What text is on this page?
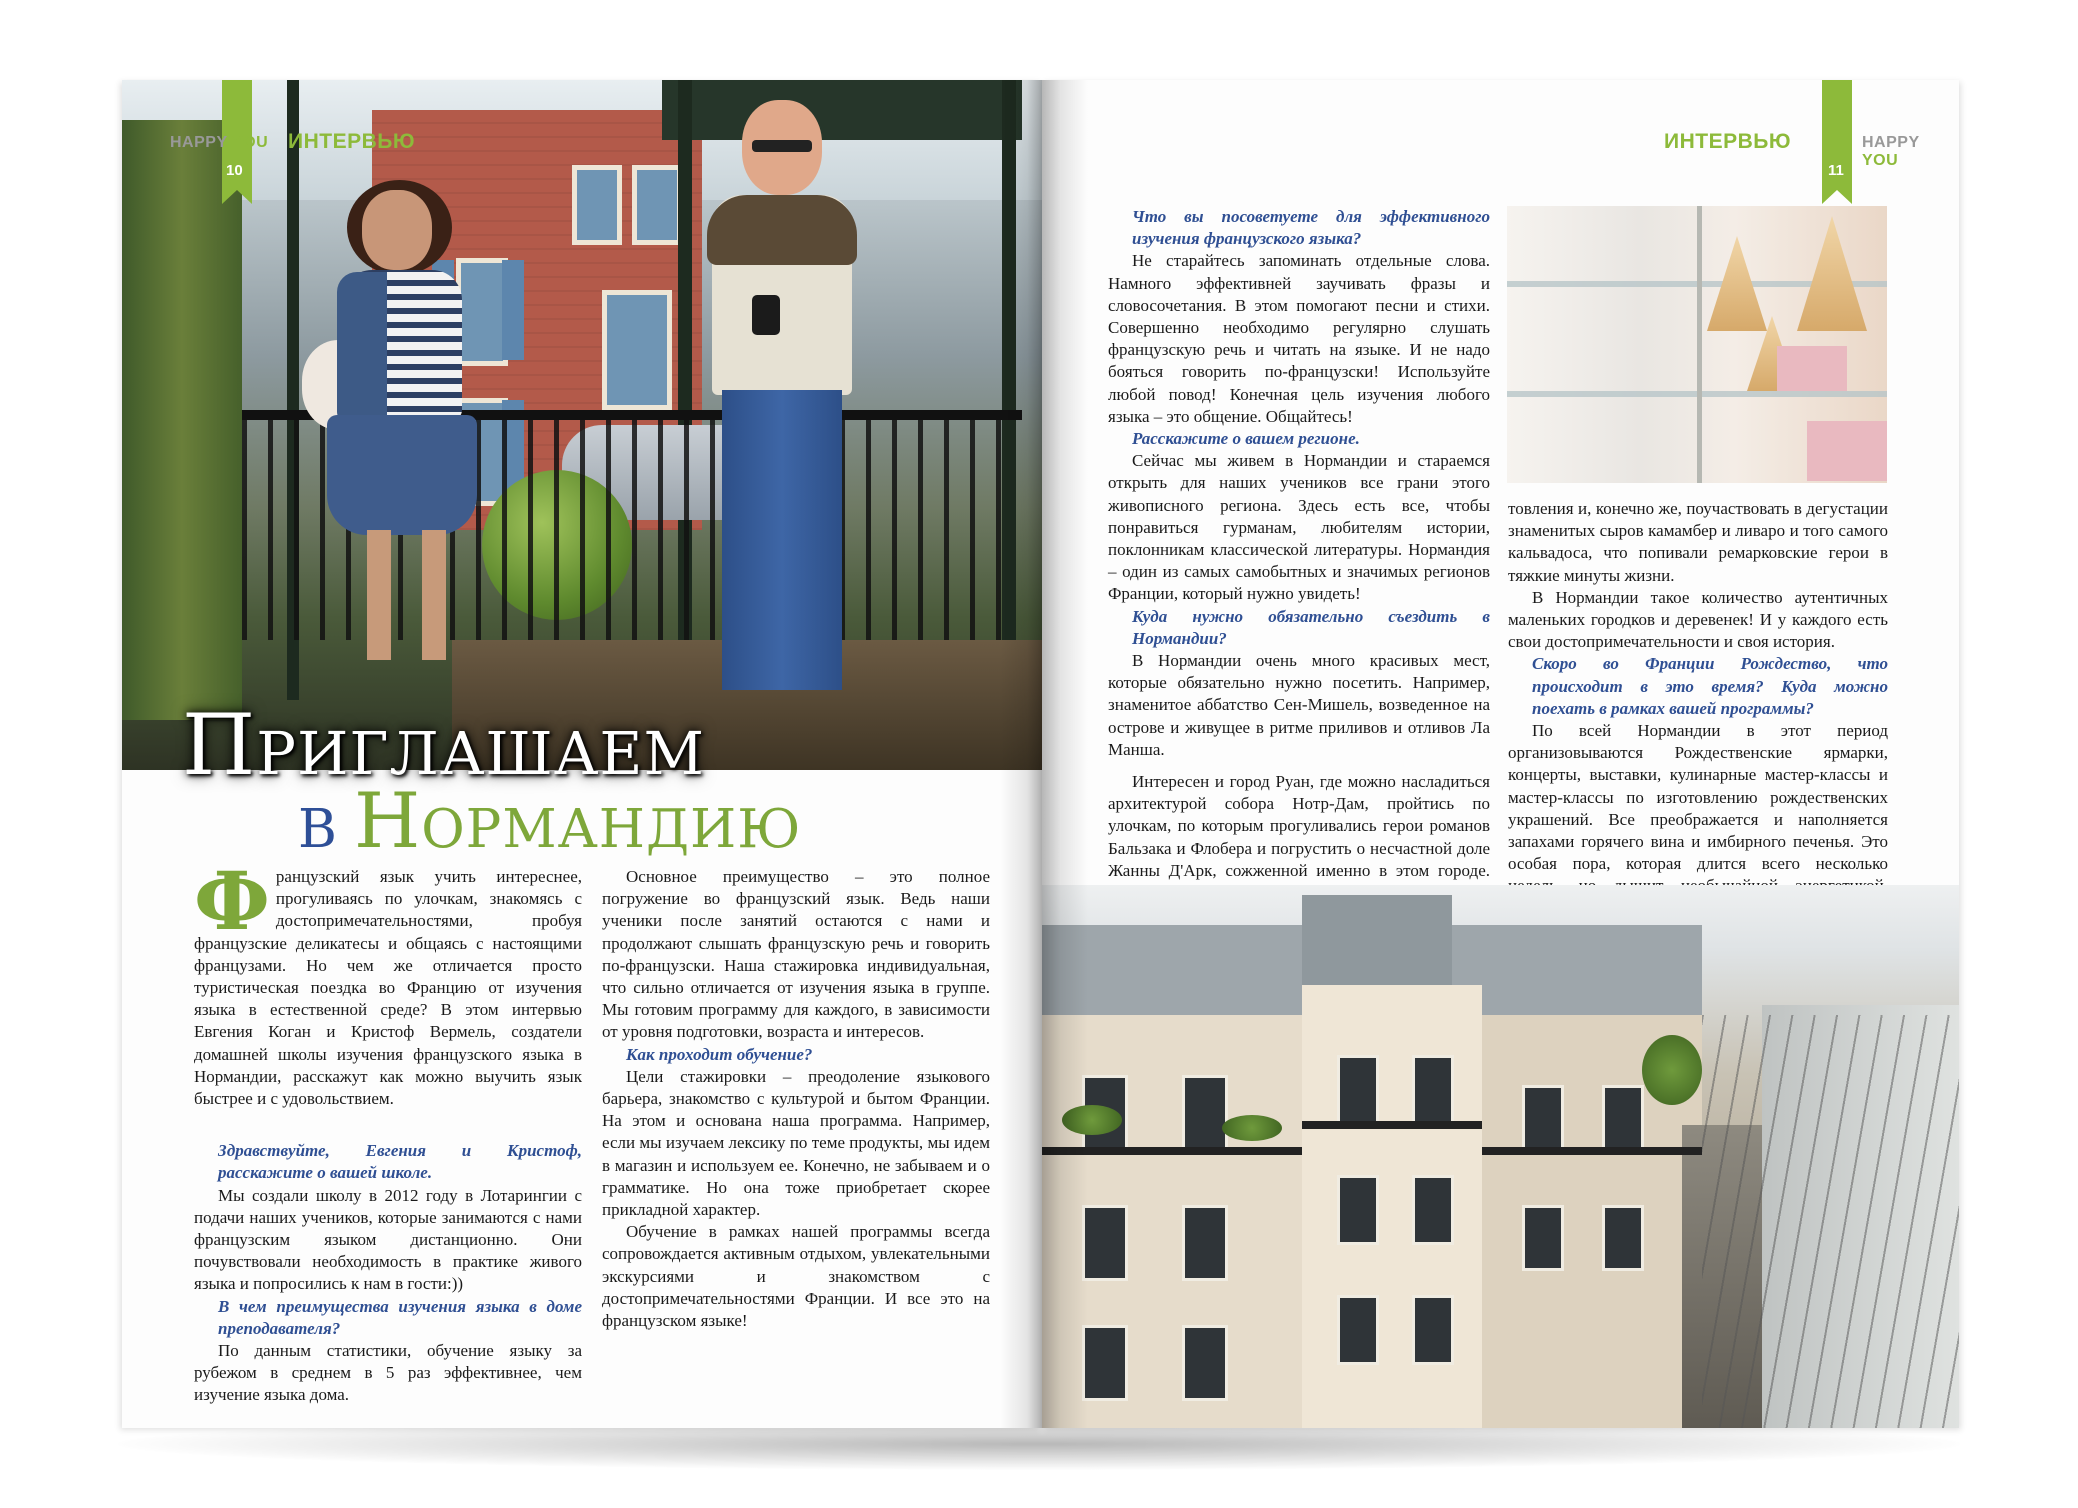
10
HAPPY YOU ИНТЕРВЬЮ
Приглашаем
в Нормандию

Французский язык учить интереснее, прогуливаясь по улочкам, знакомясь с достопримечательностями, пробуя французские деликатесы и общаясь с настоящими французами. Но чем же отличается просто туристическая поездка во Францию от изучения языка в естественной среде? В этом интервью Евгения Коган и Кристоф Вермель, создатели домашней школы изучения французского языка в Нормандии, расскажут как можно выучить язык быстрее и с удовольствием.

Здравствуйте, Евгения и Кристоф, расскажите о вашей школе.

Мы создали школу в 2012 году в Лотарингии с подачи наших учеников, которые занимаются с нами французским языком дистанционно. Они почувствовали необходимость в практике живого языка и попросились к нам в гости:))

В чем преимущества изучения языка в доме преподавателя?

По данным статистики, обучение языку за рубежом в среднем в 5 раз эффективнее, чем изучение языка дома.

Основное преимущество – это полное погружение во французский язык. Ведь наши ученики после занятий остаются с нами и продолжают слышать французскую речь и говорить по-французски. Наша стажировка индивидуальная, что сильно отличается от изучения языка в группе. Мы готовим программу для каждого, в зависимости от уровня подготовки, возраста и интересов.

Как проходит обучение?

Цели стажировки – преодоление языкового барьера, знакомство с культурой и бытом Франции. На этом и основана наша программа. Например, если мы изучаем лексику по теме продукты, мы идем в магазин и используем ее. Конечно, не забываем и о грамматике. Но она тоже приобретает скорее прикладной характер.

Обучение в рамках нашей программы всегда сопровождается активным отдыхом, увлекательными экскурсиями и знакомством с достопримечательностями Франции. И все это на французском языке!

ИНТЕРВЬЮ
11
HAPPY YOU

Что вы посоветуете для эффективного изучения французского языка?

Не старайтесь запоминать отдельные слова. Намного эффективней заучивать фразы и словосочетания. В этом помогают песни и стихи. Совершенно необходимо регулярно слушать французскую речь и читать на языке. И не надо бояться говорить по-французски! Используйте любой повод! Конечная цель изучения любого языка – это общение. Общайтесь!

Расскажите о вашем регионе.

Сейчас мы живем в Нормандии и стараемся открыть для наших учеников все грани этого живописного региона. Здесь есть все, чтобы понравиться гурманам, любителям истории, поклонникам классической литературы. Нормандия – один из самых самобытных и значимых регионов Франции, который нужно увидеть!

Куда нужно обязательно съездить в Нормандии?

В Нормандии очень много красивых мест, которые обязательно нужно посетить. Например, знаменитое аббатство Сен-Мишель, возведенное на острове и живущее в ритме приливов и отливов Ла Манша.

Интересен и город Руан, где можно насладиться архитектурой собора Нотр-Дам, пройтись по улочкам, по которым прогуливались герои романов Бальзака и Флобера и погрустить о несчастной доле Жанны Д'Арк, сожженной именно в этом городе.

товления и, конечно же, поучаствовать в дегустации знаменитых сыров камамбер и ливаро и того самого кальвадоса, что попивали ремарковские герои в тяжкие минуты жизни.

В Нормандии такое количество аутентичных маленьких городков и деревенек! И у каждого есть свои достопримечательности и своя история.

Скоро во Франции Рождество, что происходит в это время? Куда можно поехать в рамках вашей программы?

По всей Нормандии в этот период организовываются Рождественские ярмарки, концерты, выставки, кулинарные мастер-классы и мастер-классы по изготовлению рождественских украшений. Все преображается и наполняется запахами горячего вина и имбирного печенья. Это особая пора, которая длится всего несколько
